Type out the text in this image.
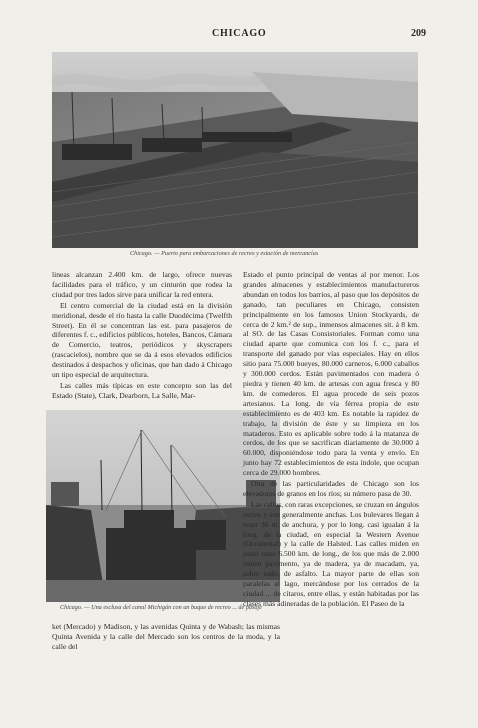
CHICAGO	209
Chicago. — Puerto para embarcaciones de recreo y estación de mercancías

lineas alcanzan 2.400 km. de largo, ofrece nuevas facilidades para el tráfico, y un cinturón que rodea la ciudad por tres lados sirve para unificar la red entera.

El centro comercial de la ciudad está en la división meridional, desde el río hasta la calle Duodécima (Twelfth Street). En él se concentran las est. para pasajeros de diferentes f. c., edificios públicos, hoteles, Bancos, Cámara de Comercio, teatros, periódicos y skyscrapers (rascacielos), nombre que se da á esos elevados edificios destinados á despachos y oficinas, que han dado á Chicago un tipo especial de arquitectura.

Las calles más típicas en este concepto son las del Estado (State), Clark, Dearborn, La Salle, Mar-

Chicago. — Una esclusa del canal Michigán con un buque de recreo ... de pasaje

ket (Mercado) y Madison, y las avenidas Quinta y de Wabash; las mismas Quinta Avenida y la calle del Mercado son los centros de la moda, y la calle del

Estado el punto principal de ventas al por menor. Los grandes almacenes y establecimientos manufactureros abundan en todos los barrios, al paso que los depósitos de ganado, tan peculiares en Chicago, consisten principalmente en los famosos Union Stockyards, de cerca de 2 km.² de sup., inmensos almacenes sit. á 8 km. al SO. de las Casas Consistoriales. Forman como una ciudad aparte que comunica con los f. c., para el transporte del ganado por vías especiales. Hay en ellos sitio para 75.000 bueyes, 80.000 carneros, 6.000 caballos y 300.000 cerdos. Están pavimentados con madera ó piedra y tienen 40 km. de artesas con agua fresca y 80 km. de comederos. El agua procede de seis pozos artesianos. La long. de vía férrea propia de este establecimiento es de 403 km. Es notable la rapidez de trabajo, la división de éste y su limpieza en los mataderos. Esto es aplicable sobre todo á la matanza de cerdos, de los que se sacrifican diariamente de 30.000 á 60.000, disponiéndose todo para la venta y envío. En junto hay 72 establecimientos de esta índole, que ocupan cerca de 29.000 hombres.

Otra de las particularidades de Chicago son los elevadores de granos en los ríos; su número pasa de 30.

Las calles, con raras excepciones, se cruzan en ángulos rectos y son generalmente anchas. Los bulevares llegan á tener 36 m. de anchura, y por lo long. casi igualan á la long. de la ciudad, en especial la Western Avenue (Occidental) y la calle de Halsted. Las calles miden en junto unos 6.500 km. de long., de los que más de 2.000 tienen pavimento, ya de madera, ya de macadam, ya, sobre todo, de asfalto. La mayor parte de ellas son paralelas al lago, mercándose por los cerrados de la ciudad ... de cítaros, entre ellas, y están habitadas por las clases más adineradas de la población. El Paseo de la
